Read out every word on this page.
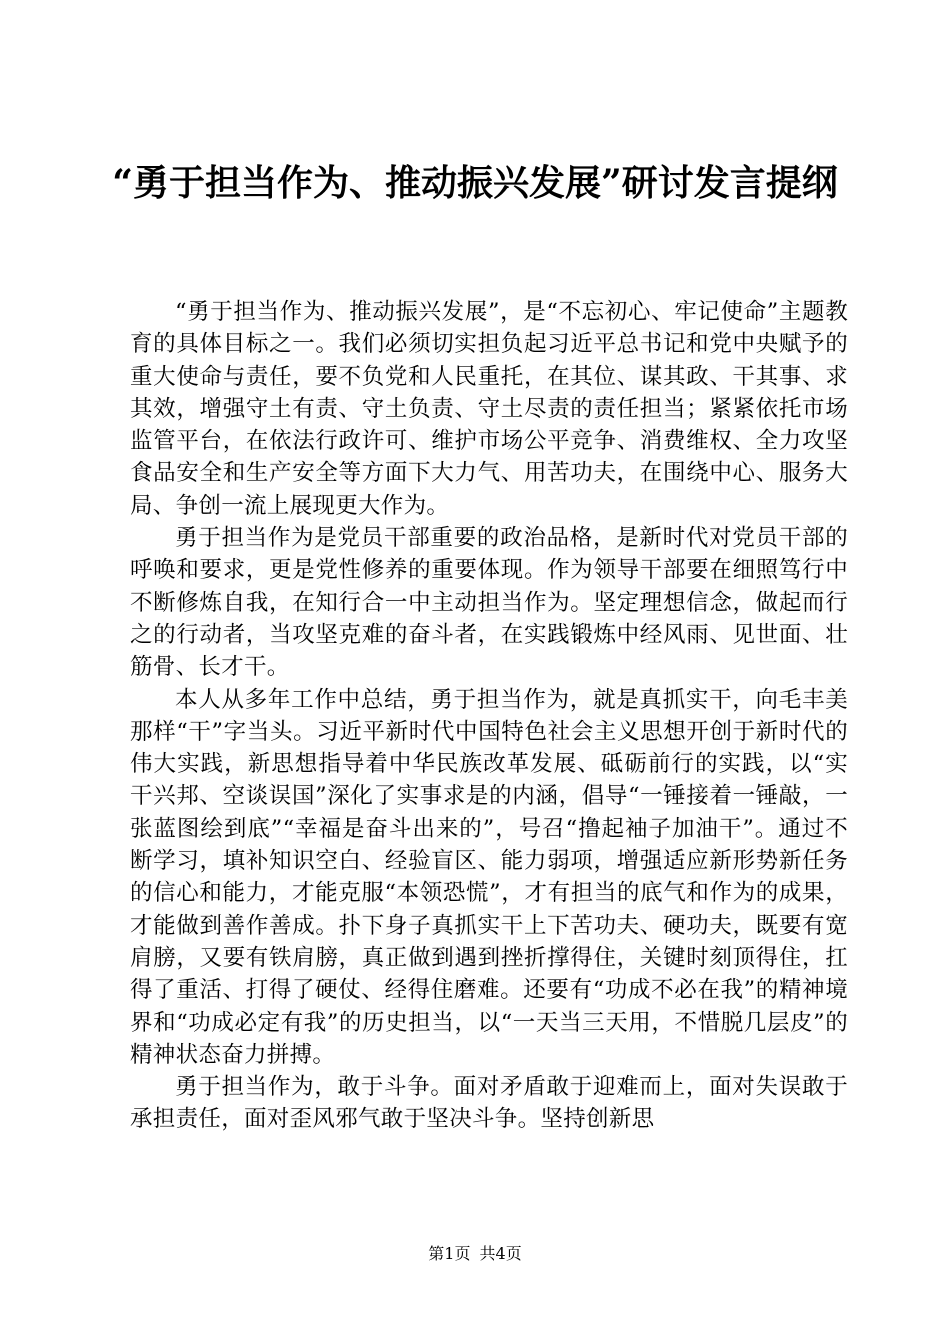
“勇于担当作为、推动振兴发展”研讨发言提纲

“勇于担当作为、推动振兴发展”，是“不忘初心、牢记使命”主题教育的具体目标之一。我们必须切实担负起习近平总书记和党中央赋予的重大使命与责任，要不负党和人民重托，在其位、谋其政、干其事、求其效，增强守土有责、守土负责、守土尽责的责任担当；紧紧依托市场监管平台，在依法行政许可、维护市场公平竞争、消费维权、全力攻坚食品安全和生产安全等方面下大力气、用苦功夫，在围绕中心、服务大局、争创一流上展现更大作为。

勇于担当作为是党员干部重要的政治品格，是新时代对党员干部的呼唤和要求，更是党性修养的重要体现。作为领导干部要在细照笃行中不断修炼自我，在知行合一中主动担当作为。坚定理想信念，做起而行之的行动者，当攻坚克难的奋斗者，在实践锻炼中经风雨、见世面、壮筋骨、长才干。

本人从多年工作中总结，勇于担当作为，就是真抓实干，向毛丰美那样“干”字当头。习近平新时代中国特色社会主义思想开创于新时代的伟大实践，新思想指导着中华民族改革发展、砥砺前行的实践，以“实干兴邦、空谈误国”深化了实事求是的内涵，倡导“一锤接着一锤敲，一张蓝图绘到底”“幸福是奋斗出来的”，号召“撸起袖子加油干”。通过不断学习，填补知识空白、经验盲区、能力弱项，增强适应新形势新任务的信心和能力，才能克服“本领恐慌”，才有担当的底气和作为的成果，才能做到善作善成。扑下身子真抓实干上下苦功夫、硬功夫，既要有宽肩膀，又要有铁肩膀，真正做到遇到挫折撑得住，关键时刻顶得住，扛得了重活、打得了硬仗、经得住磨难。还要有“功成不必在我”的精神境界和“功成必定有我”的历史担当，以“一天当三天用，不惜脱几层皮”的精神状态奋力拼搏。

勇于担当作为，敢于斗争。面对矛盾敢于迎难而上，面对失误敢于承担责任，面对歪风邪气敢于坚决斗争。坚持创新思

第1页 共4页
